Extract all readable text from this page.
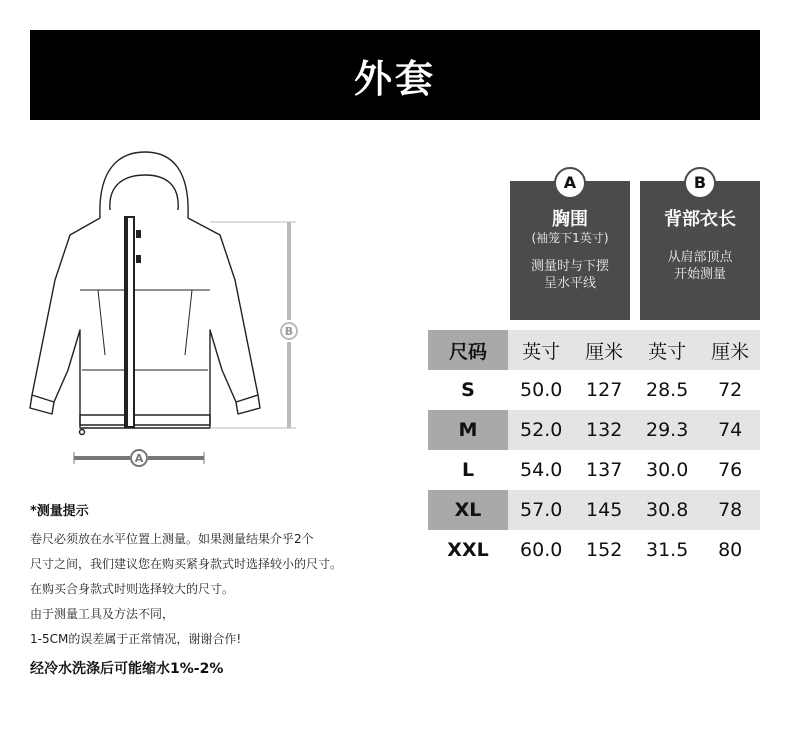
外套
B
A
A
胸围
(袖笼下1英寸)
测量时与下摆
呈水平线
B
背部衣长
从肩部顶点
开始测量
尺码	英寸	厘米	英寸	厘米
S	50.0	127	28.5	72
M	52.0	132	29.3	74
L	54.0	137	30.0	76
XL	57.0	145	30.8	78
XXL	60.0	152	31.5	80
*测量提示
卷尺必须放在水平位置上测量。如果测量结果介乎2个
尺寸之间，我们建议您在购买紧身款式时选择较小的尺寸。
在购买合身款式时则选择较大的尺寸。
由于测量工具及方法不同，
1-5CM的误差属于正常情况，谢谢合作!
经冷水洗涤后可能缩水1%-2%
